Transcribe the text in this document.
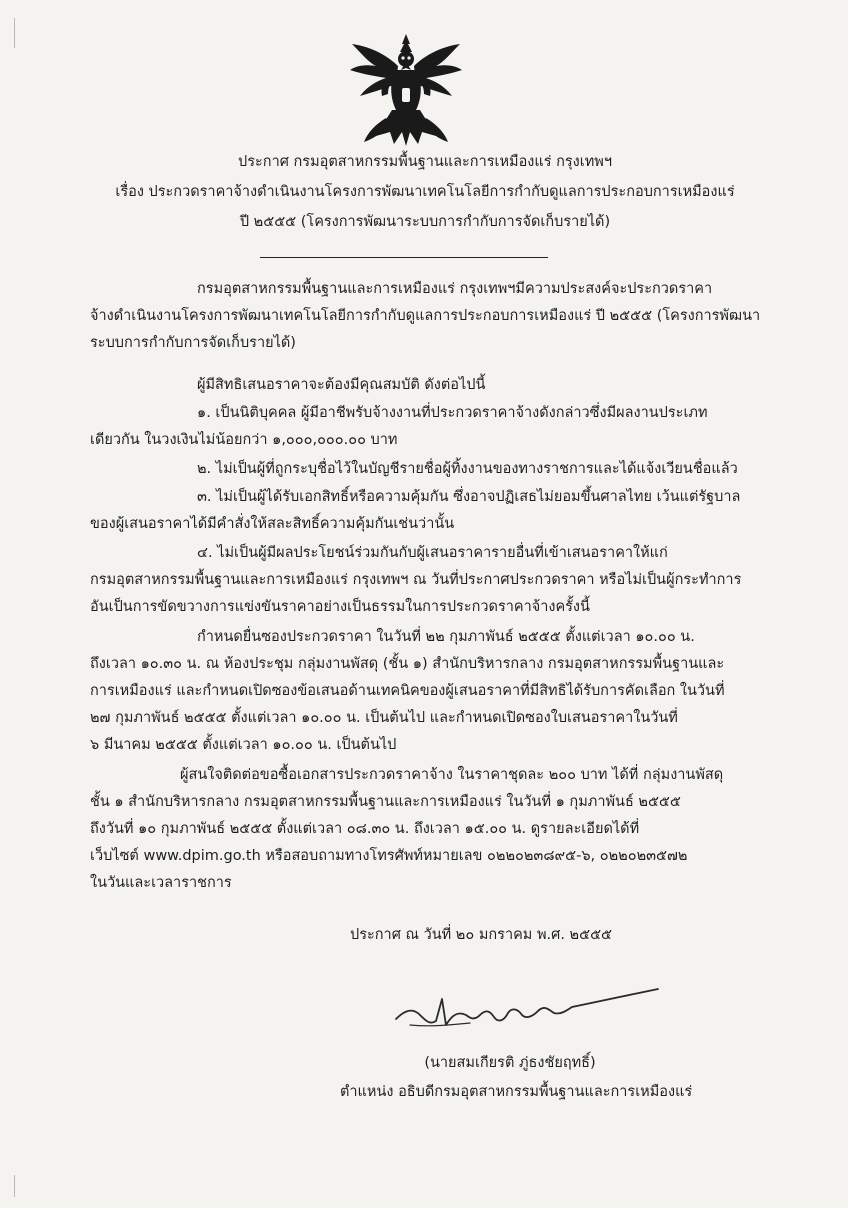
ประกาศ กรมอุตสาหกรรมพื้นฐานและการเหมืองแร่ กรุงเทพฯ
เรื่อง ประกวดราคาจ้างดำเนินงานโครงการพัฒนาเทคโนโลยีการกำกับดูแลการประกอบการเหมืองแร่
ปี ๒๕๕๕ (โครงการพัฒนาระบบการกำกับการจัดเก็บรายได้)
กรมอุตสาหกรรมพื้นฐานและการเหมืองแร่ กรุงเทพฯมีความประสงค์จะประกวดราคา
จ้างดำเนินงานโครงการพัฒนาเทคโนโลยีการกำกับดูแลการประกอบการเหมืองแร่ ปี ๒๕๕๕ (โครงการพัฒนา
ระบบการกำกับการจัดเก็บรายได้)
ผู้มีสิทธิเสนอราคาจะต้องมีคุณสมบัติ ดังต่อไปนี้
๑. เป็นนิติบุคคล ผู้มีอาชีพรับจ้างงานที่ประกวดราคาจ้างดังกล่าวซึ่งมีผลงานประเภท
เดียวกัน ในวงเงินไม่น้อยกว่า ๑,๐๐๐,๐๐๐.๐๐ บาท
๒. ไม่เป็นผู้ที่ถูกระบุชื่อไว้ในบัญชีรายชื่อผู้ทิ้งงานของทางราชการและได้แจ้งเวียนชื่อแล้ว
๓. ไม่เป็นผู้ได้รับเอกสิทธิ์หรือความคุ้มกัน ซึ่งอาจปฏิเสธไม่ยอมขึ้นศาลไทย เว้นแต่รัฐบาล
ของผู้เสนอราคาได้มีคำสั่งให้สละสิทธิ์ความคุ้มกันเช่นว่านั้น
๔. ไม่เป็นผู้มีผลประโยชน์ร่วมกันกับผู้เสนอราคารายอื่นที่เข้าเสนอราคาให้แก่
กรมอุตสาหกรรมพื้นฐานและการเหมืองแร่ กรุงเทพฯ ณ วันที่ประกาศประกวดราคา หรือไม่เป็นผู้กระทำการ
อันเป็นการขัดขวางการแข่งขันราคาอย่างเป็นธรรมในการประกวดราคาจ้างครั้งนี้
กำหนดยื่นซองประกวดราคา ในวันที่ ๒๒ กุมภาพันธ์ ๒๕๕๕ ตั้งแต่เวลา ๑๐.๐๐ น.
ถึงเวลา ๑๐.๓๐ น. ณ ห้องประชุม กลุ่มงานพัสดุ (ชั้น ๑) สำนักบริหารกลาง กรมอุตสาหกรรมพื้นฐานและ
การเหมืองแร่ และกำหนดเปิดซองข้อเสนอด้านเทคนิคของผู้เสนอราคาที่มีสิทธิได้รับการคัดเลือก ในวันที่
๒๗ กุมภาพันธ์ ๒๕๕๕ ตั้งแต่เวลา ๑๐.๐๐ น. เป็นต้นไป และกำหนดเปิดซองใบเสนอราคาในวันที่
๖ มีนาคม ๒๕๕๕ ตั้งแต่เวลา ๑๐.๐๐ น. เป็นต้นไป
ผู้สนใจติดต่อขอซื้อเอกสารประกวดราคาจ้าง ในราคาชุดละ ๒๐๐ บาท ได้ที่ กลุ่มงานพัสดุ
ชั้น ๑ สำนักบริหารกลาง กรมอุตสาหกรรมพื้นฐานและการเหมืองแร่ ในวันที่ ๑ กุมภาพันธ์ ๒๕๕๕
ถึงวันที่ ๑๐ กุมภาพันธ์ ๒๕๕๕ ตั้งแต่เวลา ๐๘.๓๐ น. ถึงเวลา ๑๕.๐๐ น. ดูรายละเอียดได้ที่
เว็บไซต์ www.dpim.go.th หรือสอบถามทางโทรศัพท์หมายเลข ๐๒๒๐๒๓๘๙๕-๖, ๐๒๒๐๒๓๕๗๒
ในวันและเวลาราชการ
ประกาศ ณ วันที่ ๒๐ มกราคม พ.ศ. ๒๕๕๕
(นายสมเกียรติ ภู่ธงชัยฤทธิ์)
ตำแหน่ง อธิบดีกรมอุตสาหกรรมพื้นฐานและการเหมืองแร่
